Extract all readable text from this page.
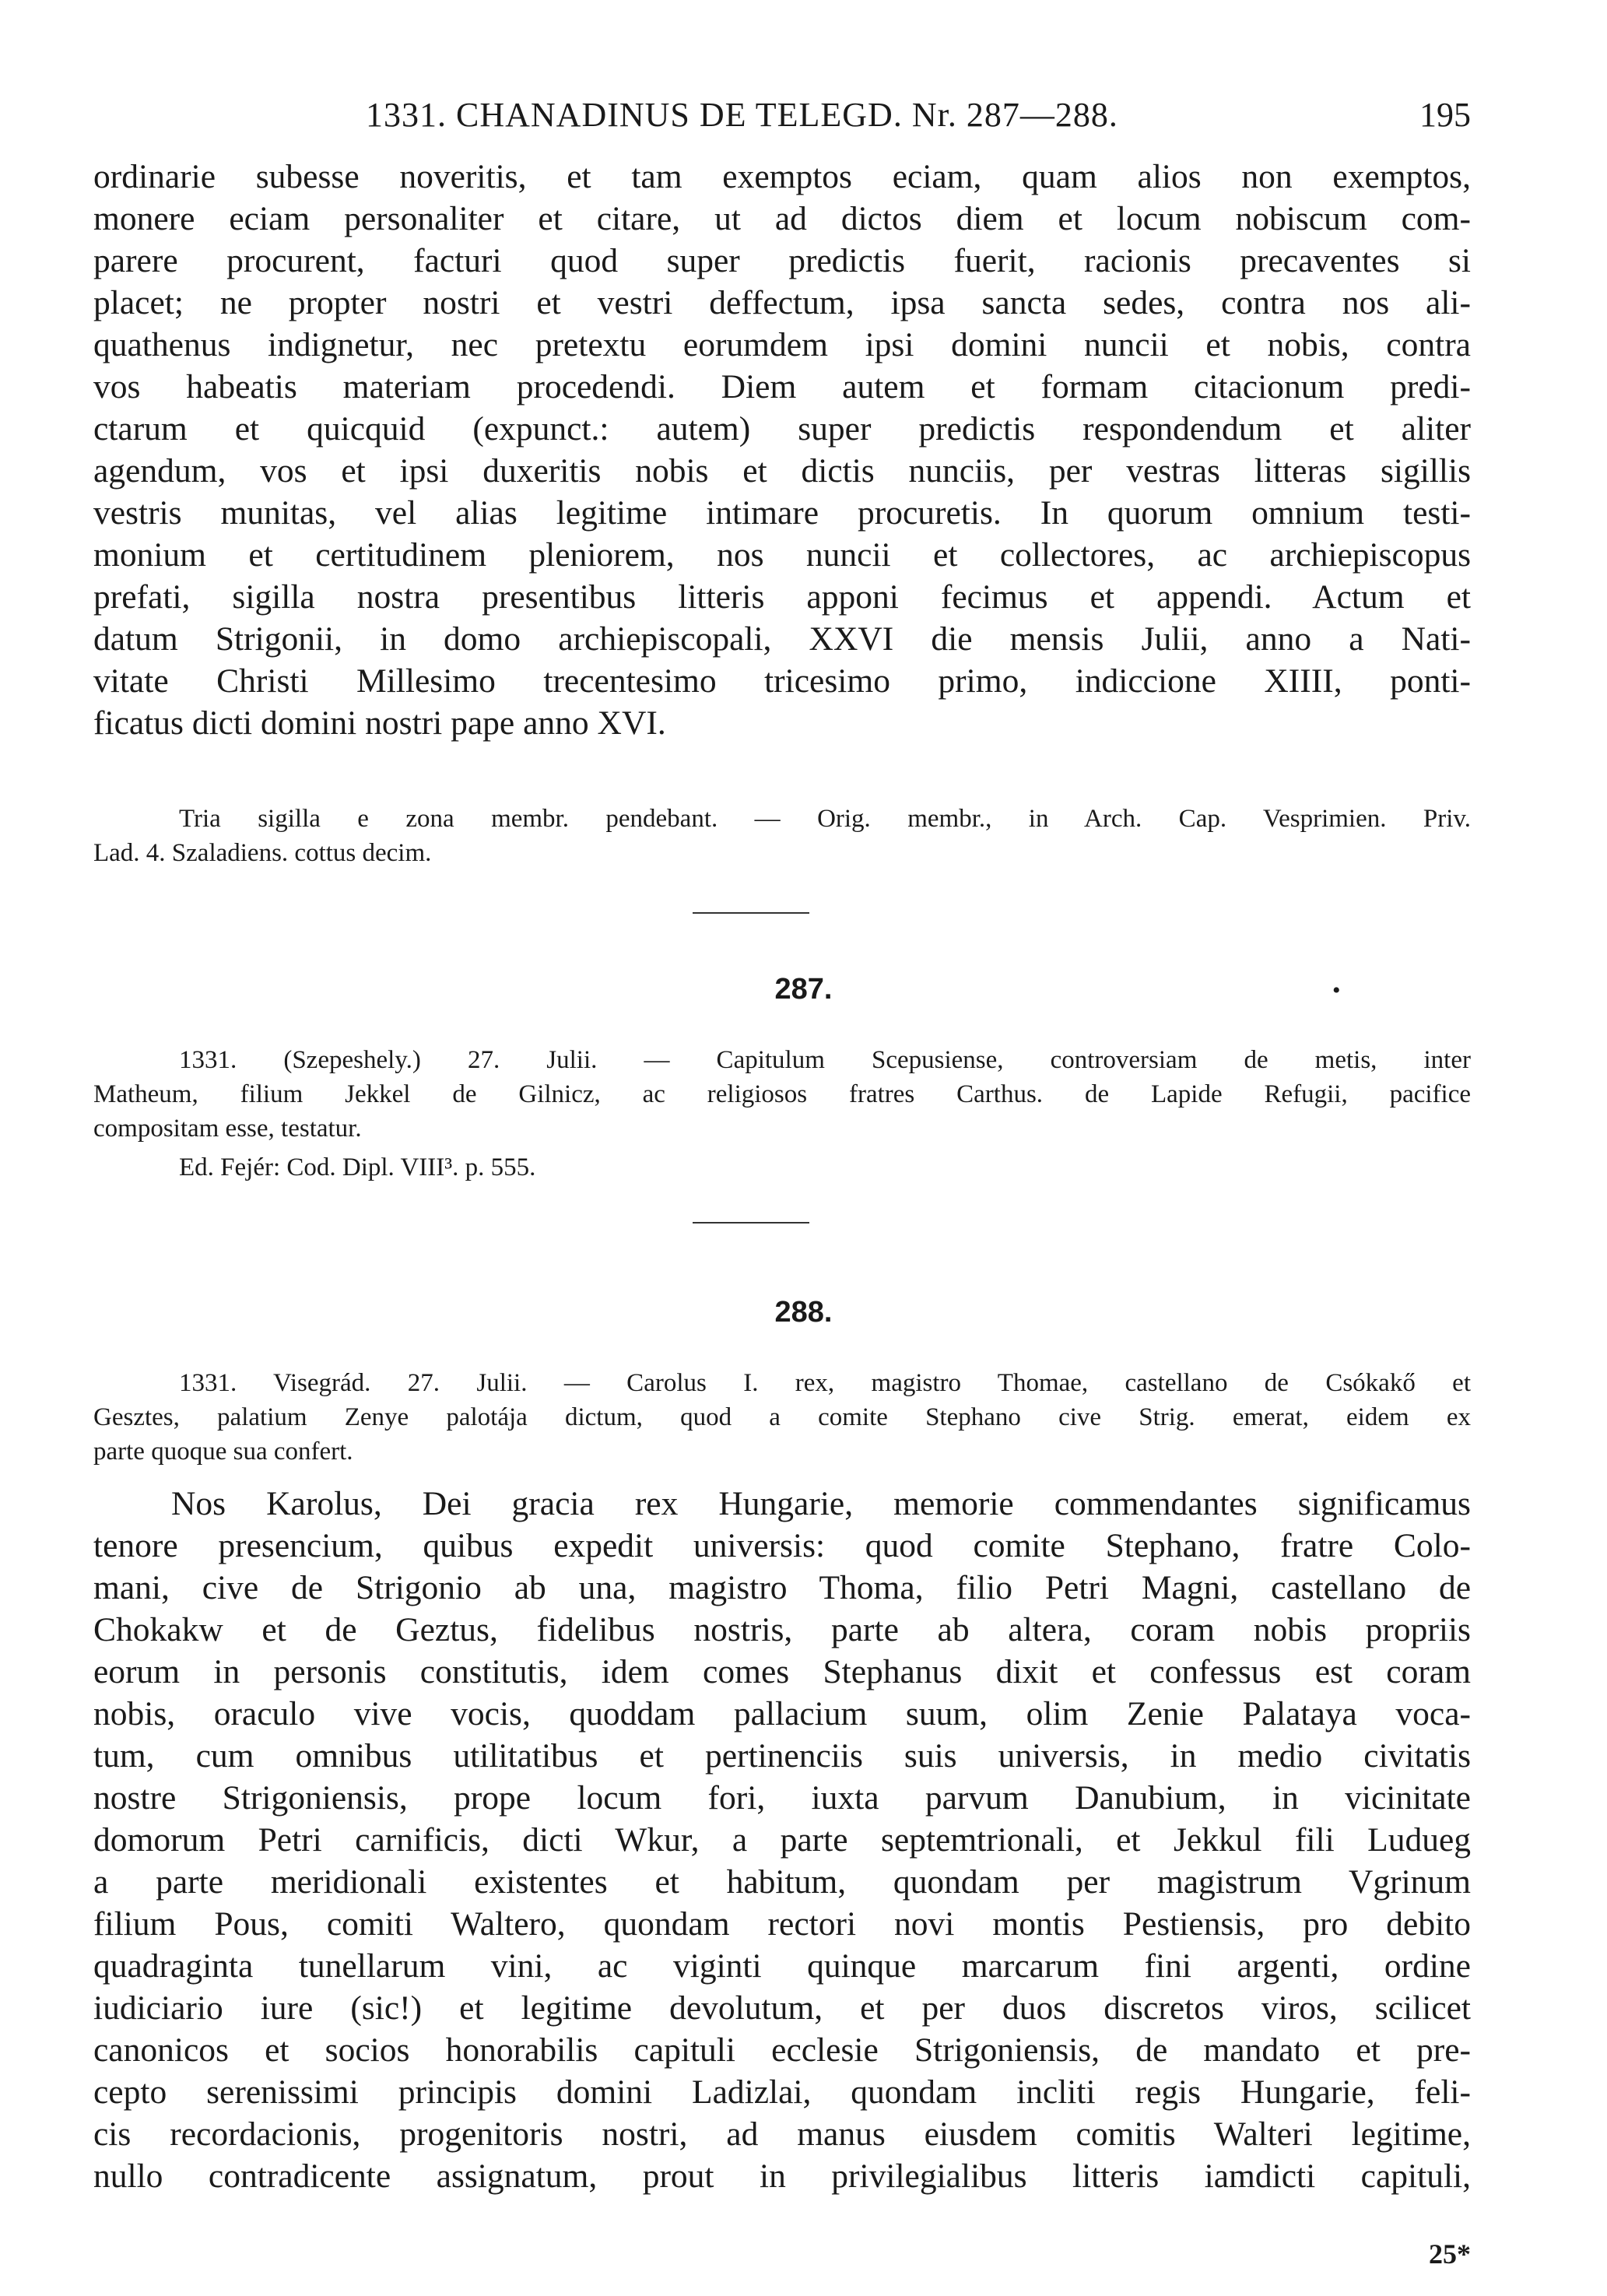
1331. CHANADINUS DE TELEGD. Nr. 287—288.	195
ordinarie subesse noveritis, et tam exemptos eciam, quam alios non exemptos,
monere eciam personaliter et citare, ut ad dictos diem et locum nobiscum com-
parere procurent, facturi quod super predictis fuerit, racionis precaventes si
placet; ne propter nostri et vestri deffectum, ipsa sancta sedes, contra nos ali-
quathenus indignetur, nec pretextu eorumdem ipsi domini nuncii et nobis, contra
vos habeatis materiam procedendi. Diem autem et formam citacionum predi-
ctarum et quicquid (expunct.: autem) super predictis respondendum et aliter
agendum, vos et ipsi duxeritis nobis et dictis nunciis, per vestras litteras sigillis
vestris munitas, vel alias legitime intimare procuretis. In quorum omnium testi-
monium et certitudinem pleniorem, nos nuncii et collectores, ac archiepiscopus
prefati, sigilla nostra presentibus litteris apponi fecimus et appendi. Actum et
datum Strigonii, in domo archiepiscopali, XXVI die mensis Julii, anno a Nati-
vitate Christi Millesimo trecentesimo tricesimo primo, indiccione XIIII, ponti-
ficatus dicti domini nostri pape anno XVI.
Tria sigilla e zona membr. pendebant. — Orig. membr., in Arch. Cap. Vesprimien. Priv.
Lad. 4. Szaladiens. cottus decim.
287.	•
1331. (Szepeshely.) 27. Julii. — Capitulum Scepusiense, controversiam de metis, inter
Matheum, filium Jekkel de Gilnicz, ac religiosos fratres Carthus. de Lapide Refugii, pacifice
compositam esse, testatur.
Ed. Fejér: Cod. Dipl. VIII³. p. 555.
288.
1331. Visegrád. 27. Julii. — Carolus I. rex, magistro Thomae, castellano de Csókakő et
Gesztes, palatium Zenye palotája dictum, quod a comite Stephano cive Strig. emerat, eidem ex
parte quoque sua confert.
Nos Karolus, Dei gracia rex Hungarie, memorie commendantes significamus
tenore presencium, quibus expedit universis: quod comite Stephano, fratre Colo-
mani, cive de Strigonio ab una, magistro Thoma, filio Petri Magni, castellano de
Chokakw et de Geztus, fidelibus nostris, parte ab altera, coram nobis propriis
eorum in personis constitutis, idem comes Stephanus dixit et confessus est coram
nobis, oraculo vive vocis, quoddam pallacium suum, olim Zenie Palataya voca-
tum, cum omnibus utilitatibus et pertinenciis suis universis, in medio civitatis
nostre Strigoniensis, prope locum fori, iuxta parvum Danubium, in vicinitate
domorum Petri carnificis, dicti Wkur, a parte septemtrionali, et Jekkul fili Ludueg
a parte meridionali existentes et habitum, quondam per magistrum Vgrinum
filium Pous, comiti Waltero, quondam rectori novi montis Pestiensis, pro debito
quadraginta tunellarum vini, ac viginti quinque marcarum fini argenti, ordine
iudiciario iure (sic!) et legitime devolutum, et per duos discretos viros, scilicet
canonicos et socios honorabilis capituli ecclesie Strigoniensis, de mandato et pre-
cepto serenissimi principis domini Ladizlai, quondam incliti regis Hungarie, feli-
cis recordacionis, progenitoris nostri, ad manus eiusdem comitis Walteri legitime,
nullo contradicente assignatum, prout in privilegialibus litteris iamdicti capituli,
25*
